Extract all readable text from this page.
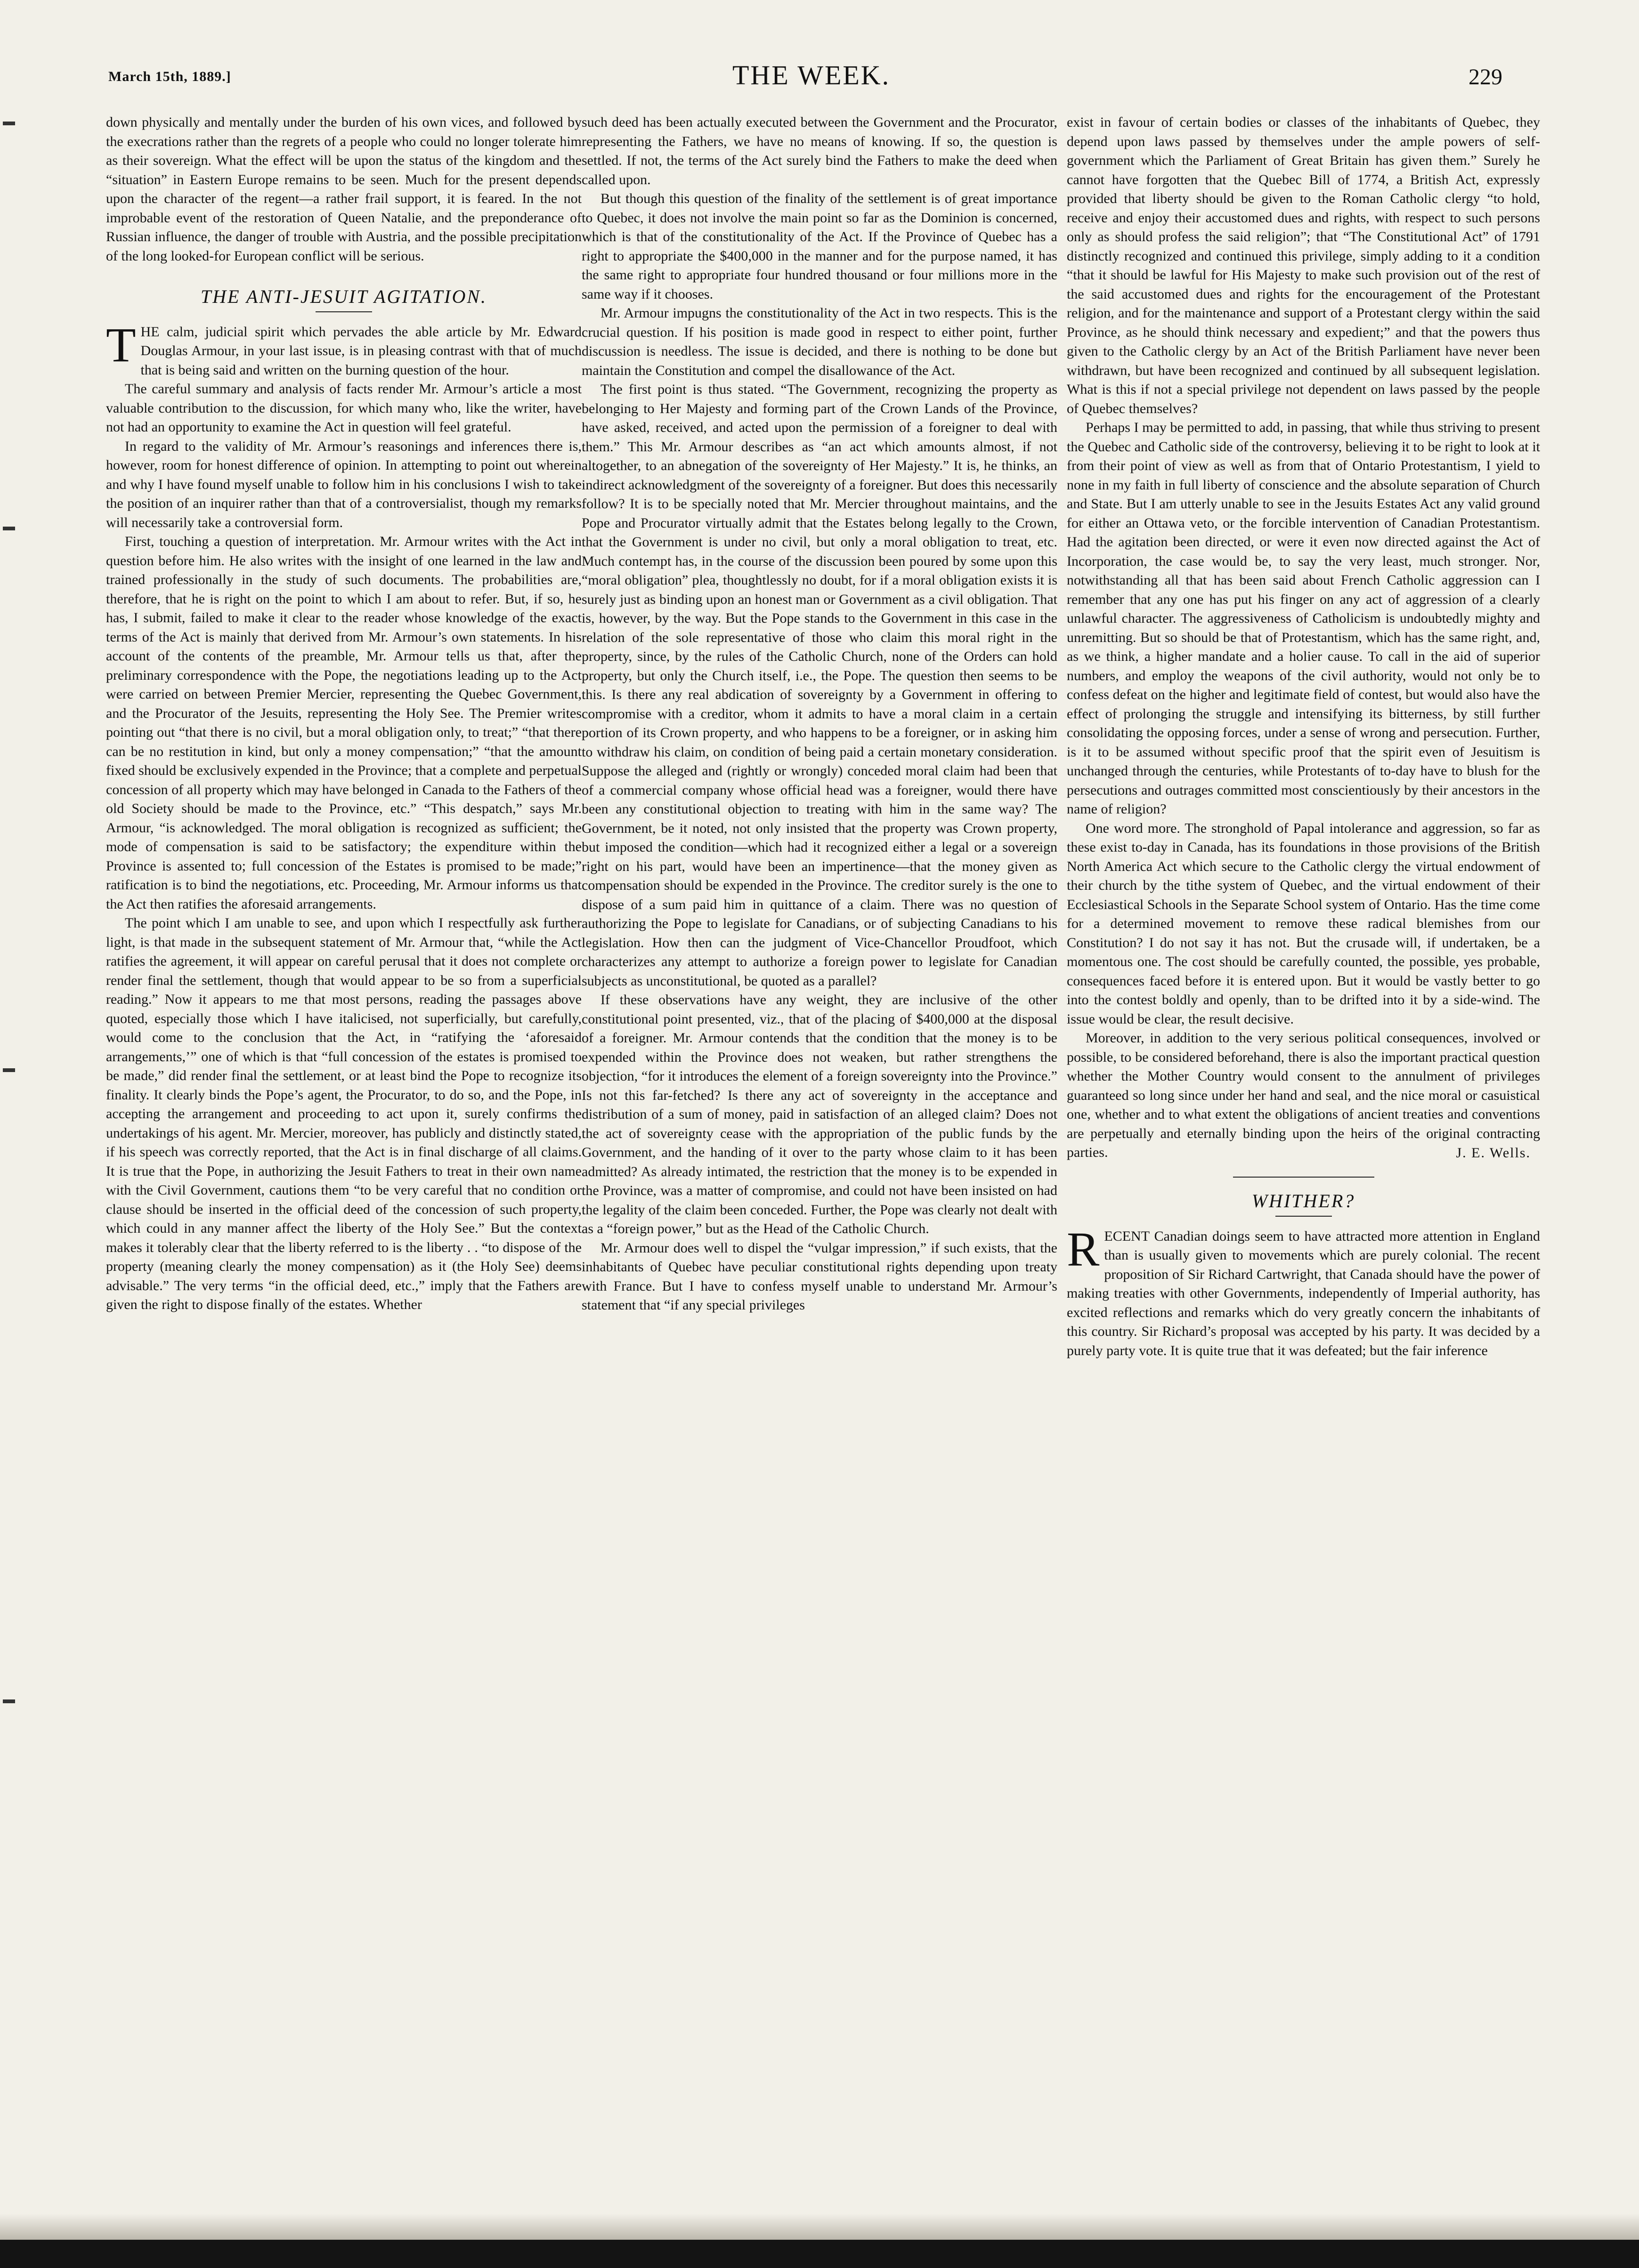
March 15th, 1889.]	THE WEEK.	229

down physically and mentally under the burden of his own vices, and followed by the execrations rather than the regrets of a people who could no longer tolerate him as their sovereign. What the effect will be upon the status of the kingdom and the “situation” in Eastern Europe remains to be seen. Much for the present depends upon the character of the regent—a rather frail support, it is feared. In the not improbable event of the restoration of Queen Natalie, and the preponderance of Russian influence, the danger of trouble with Austria, and the possible precipitation of the long looked-for European conflict will be serious.

THE ANTI-JESUIT AGITATION.

THE calm, judicial spirit which pervades the able article by Mr. Edward Douglas Armour, in your last issue, is in pleasing contrast with that of much that is being said and written on the burning question of the hour.

The careful summary and analysis of facts render Mr. Armour’s article a most valuable contribution to the discussion, for which many who, like the writer, have not had an opportunity to examine the Act in question will feel grateful.

In regard to the validity of Mr. Armour’s reasonings and inferences there is, however, room for honest difference of opinion. In attempting to point out wherein and why I have found myself unable to follow him in his conclusions I wish to take the position of an inquirer rather than that of a controversialist, though my remarks will necessarily take a controversial form.

First, touching a question of interpretation. Mr. Armour writes with the Act in question before him. He also writes with the insight of one learned in the law and trained professionally in the study of such documents. The probabilities are, therefore, that he is right on the point to which I am about to refer. But, if so, he has, I submit, failed to make it clear to the reader whose knowledge of the exact terms of the Act is mainly that derived from Mr. Armour’s own statements. In his account of the contents of the preamble, Mr. Armour tells us that, after the preliminary correspondence with the Pope, the negotiations leading up to the Act were carried on between Premier Mercier, representing the Quebec Government, and the Procurator of the Jesuits, representing the Holy See. The Premier writes pointing out “that there is no civil, but a moral obligation only, to treat;” “that there can be no restitution in kind, but only a money compensation;” “that the amount fixed should be exclusively expended in the Province; that a complete and perpetual concession of all property which may have belonged in Canada to the Fathers of the old Society should be made to the Province, etc.” “This despatch,” says Mr. Armour, “is acknowledged. The moral obligation is recognized as sufficient; the mode of compensation is said to be satisfactory; the expenditure within the Province is assented to; full concession of the Estates is promised to be made;” ratification is to bind the negotiations, etc. Proceeding, Mr. Armour informs us that the Act then ratifies the aforesaid arrangements.

The point which I am unable to see, and upon which I respectfully ask further light, is that made in the subsequent statement of Mr. Armour that, “while the Act ratifies the agreement, it will appear on careful perusal that it does not complete or render final the settlement, though that would appear to be so from a superficial reading.” Now it appears to me that most persons, reading the passages above quoted, especially those which I have italicised, not superficially, but carefully, would come to the conclusion that the Act, in “ratifying the ‘aforesaid arrangements,’” one of which is that “full concession of the estates is promised to be made,” did render final the settlement, or at least bind the Pope to recognize its finality. It clearly binds the Pope’s agent, the Procurator, to do so, and the Pope, in accepting the arrangement and proceeding to act upon it, surely confirms the undertakings of his agent. Mr. Mercier, moreover, has publicly and distinctly stated, if his speech was correctly reported, that the Act is in final discharge of all claims. It is true that the Pope, in authorizing the Jesuit Fathers to treat in their own name with the Civil Government, cautions them “to be very careful that no condition or clause should be inserted in the official deed of the concession of such property, which could in any manner affect the liberty of the Holy See.” But the context makes it tolerably clear that the liberty referred to is the liberty . . “to dispose of the property (meaning clearly the money compensation) as it (the Holy See) deems advisable.” The very terms “in the official deed, etc.,” imply that the Fathers are given the right to dispose finally of the estates. Whether

such deed has been actually executed between the Government and the Procurator, representing the Fathers, we have no means of knowing. If so, the question is settled. If not, the terms of the Act surely bind the Fathers to make the deed when called upon.

But though this question of the finality of the settlement is of great importance to Quebec, it does not involve the main point so far as the Dominion is concerned, which is that of the constitutionality of the Act. If the Province of Quebec has a right to appropriate the $400,000 in the manner and for the purpose named, it has the same right to appropriate four hundred thousand or four millions more in the same way if it chooses.

Mr. Armour impugns the constitutionality of the Act in two respects. This is the crucial question. If his position is made good in respect to either point, further discussion is needless. The issue is decided, and there is nothing to be done but maintain the Constitution and compel the disallowance of the Act.

The first point is thus stated. “The Government, recognizing the property as belonging to Her Majesty and forming part of the Crown Lands of the Province, have asked, received, and acted upon the permission of a foreigner to deal with them.” This Mr. Armour describes as “an act which amounts almost, if not altogether, to an abnegation of the sovereignty of Her Majesty.” It is, he thinks, an indirect acknowledgment of the sovereignty of a foreigner. But does this necessarily follow? It is to be specially noted that Mr. Mercier throughout maintains, and the Pope and Procurator virtually admit that the Estates belong legally to the Crown, that the Government is under no civil, but only a moral obligation to treat, etc. Much contempt has, in the course of the discussion been poured by some upon this “moral obligation” plea, thoughtlessly no doubt, for if a moral obligation exists it is surely just as binding upon an honest man or Government as a civil obligation. That is, however, by the way. But the Pope stands to the Government in this case in the relation of the sole representative of those who claim this moral right in the property, since, by the rules of the Catholic Church, none of the Orders can hold property, but only the Church itself, i.e., the Pope. The question then seems to be this. Is there any real abdication of sovereignty by a Government in offering to compromise with a creditor, whom it admits to have a moral claim in a certain portion of its Crown property, and who happens to be a foreigner, or in asking him to withdraw his claim, on condition of being paid a certain monetary consideration. Suppose the alleged and (rightly or wrongly) conceded moral claim had been that of a commercial company whose official head was a foreigner, would there have been any constitutional objection to treating with him in the same way? The Government, be it noted, not only insisted that the property was Crown property, but imposed the condition—which had it recognized either a legal or a sovereign right on his part, would have been an impertinence—that the money given as compensation should be expended in the Province. The creditor surely is the one to dispose of a sum paid him in quittance of a claim. There was no question of authorizing the Pope to legislate for Canadians, or of subjecting Canadians to his legislation. How then can the judgment of Vice-Chancellor Proudfoot, which characterizes any attempt to authorize a foreign power to legislate for Canadian subjects as unconstitutional, be quoted as a parallel?

If these observations have any weight, they are inclusive of the other constitutional point presented, viz., that of the placing of $400,000 at the disposal of a foreigner. Mr. Armour contends that the condition that the money is to be expended within the Province does not weaken, but rather strengthens the objection, “for it introduces the element of a foreign sovereignty into the Province.” Is not this far-fetched? Is there any act of sovereignty in the acceptance and distribution of a sum of money, paid in satisfaction of an alleged claim? Does not the act of sovereignty cease with the appropriation of the public funds by the Government, and the handing of it over to the party whose claim to it has been admitted? As already intimated, the restriction that the money is to be expended in the Province, was a matter of compromise, and could not have been insisted on had the legality of the claim been conceded. Further, the Pope was clearly not dealt with as a “foreign power,” but as the Head of the Catholic Church.

Mr. Armour does well to dispel the “vulgar impression,” if such exists, that the inhabitants of Quebec have peculiar constitutional rights depending upon treaty with France. But I have to confess myself unable to understand Mr. Armour’s statement that “if any special privileges

exist in favour of certain bodies or classes of the inhabitants of Quebec, they depend upon laws passed by themselves under the ample powers of self-government which the Parliament of Great Britain has given them.” Surely he cannot have forgotten that the Quebec Bill of 1774, a British Act, expressly provided that liberty should be given to the Roman Catholic clergy “to hold, receive and enjoy their accustomed dues and rights, with respect to such persons only as should profess the said religion”; that “The Constitutional Act” of 1791 distinctly recognized and continued this privilege, simply adding to it a condition “that it should be lawful for His Majesty to make such provision out of the rest of the said accustomed dues and rights for the encouragement of the Protestant religion, and for the maintenance and support of a Protestant clergy within the said Province, as he should think necessary and expedient;” and that the powers thus given to the Catholic clergy by an Act of the British Parliament have never been withdrawn, but have been recognized and continued by all subsequent legislation. What is this if not a special privilege not dependent on laws passed by the people of Quebec themselves?

Perhaps I may be permitted to add, in passing, that while thus striving to present the Quebec and Catholic side of the controversy, believing it to be right to look at it from their point of view as well as from that of Ontario Protestantism, I yield to none in my faith in full liberty of conscience and the absolute separation of Church and State. But I am utterly unable to see in the Jesuits Estates Act any valid ground for either an Ottawa veto, or the forcible intervention of Canadian Protestantism. Had the agitation been directed, or were it even now directed against the Act of Incorporation, the case would be, to say the very least, much stronger. Nor, notwithstanding all that has been said about French Catholic aggression can I remember that any one has put his finger on any act of aggression of a clearly unlawful character. The aggressiveness of Catholicism is undoubtedly mighty and unremitting. But so should be that of Protestantism, which has the same right, and, as we think, a higher mandate and a holier cause. To call in the aid of superior numbers, and employ the weapons of the civil authority, would not only be to confess defeat on the higher and legitimate field of contest, but would also have the effect of prolonging the struggle and intensifying its bitterness, by still further consolidating the opposing forces, under a sense of wrong and persecution. Further, is it to be assumed without specific proof that the spirit even of Jesuitism is unchanged through the centuries, while Protestants of to-day have to blush for the persecutions and outrages committed most conscientiously by their ancestors in the name of religion?

One word more. The stronghold of Papal intolerance and aggression, so far as these exist to-day in Canada, has its foundations in those provisions of the British North America Act which secure to the Catholic clergy the virtual endowment of their church by the tithe system of Quebec, and the virtual endowment of their Ecclesiastical Schools in the Separate School system of Ontario. Has the time come for a determined movement to remove these radical blemishes from our Constitution? I do not say it has not. But the crusade will, if undertaken, be a momentous one. The cost should be carefully counted, the possible, yes probable, consequences faced before it is entered upon. But it would be vastly better to go into the contest boldly and openly, than to be drifted into it by a side-wind. The issue would be clear, the result decisive.

Moreover, in addition to the very serious political consequences, involved or possible, to be considered beforehand, there is also the important practical question whether the Mother Country would consent to the annulment of privileges guaranteed so long since under her hand and seal, and the nice moral or casuistical one, whether and to what extent the obligations of ancient treaties and conventions are perpetually and eternally binding upon the heirs of the original contracting parties.	J. E. Wells.
WHITHER?

RECENT Canadian doings seem to have attracted more attention in England than is usually given to movements which are purely colonial. The recent proposition of Sir Richard Cartwright, that Canada should have the power of making treaties with other Governments, independently of Imperial authority, has excited reflections and remarks which do very greatly concern the inhabitants of this country. Sir Richard’s proposal was accepted by his party. It was decided by a purely party vote. It is quite true that it was defeated; but the fair inference
